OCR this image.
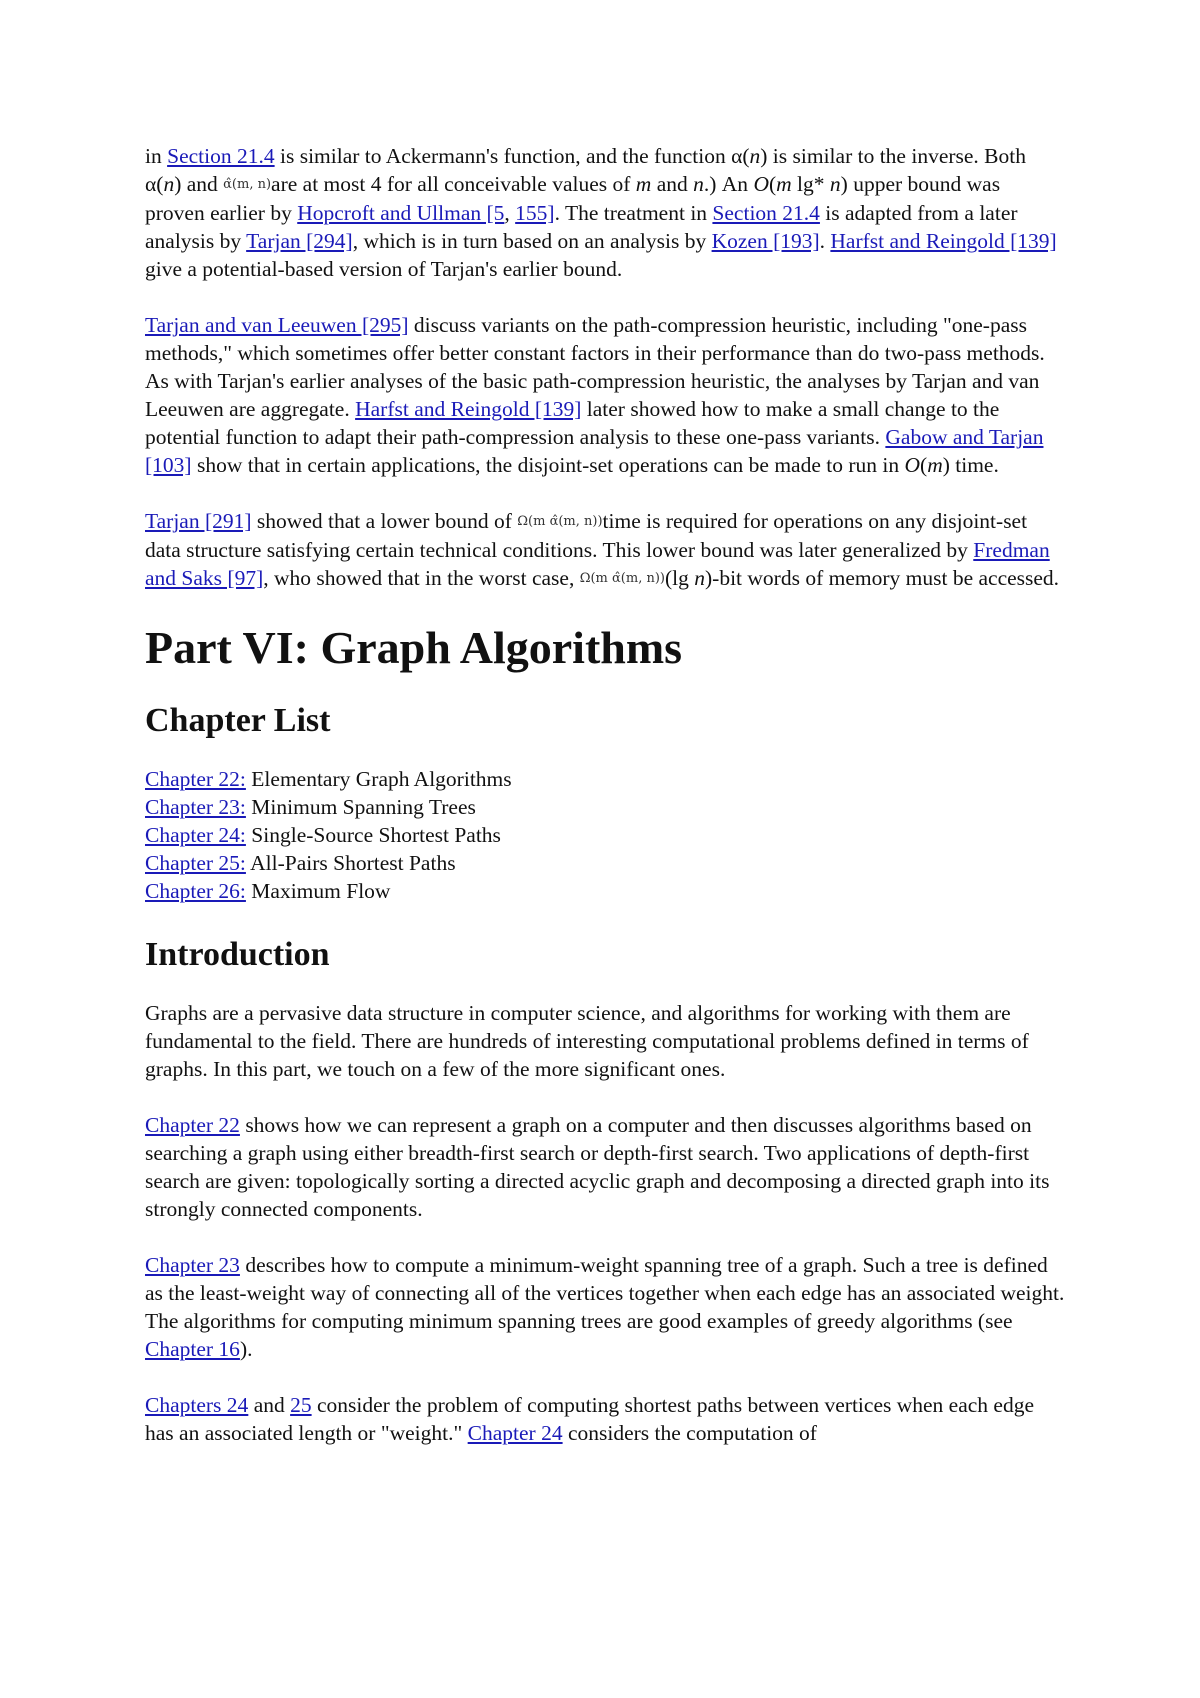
in Section 21.4 is similar to Ackermann's function, and the function α(n) is similar to the inverse. Both α(n) and α̂(m, n)are at most 4 for all conceivable values of m and n.) An O(m lg* n) upper bound was proven earlier by Hopcroft and Ullman [5, 155]. The treatment in Section 21.4 is adapted from a later analysis by Tarjan [294], which is in turn based on an analysis by Kozen [193]. Harfst and Reingold [139] give a potential-based version of Tarjan's earlier bound.

Tarjan and van Leeuwen [295] discuss variants on the path-compression heuristic, including "one-pass methods," which sometimes offer better constant factors in their performance than do two-pass methods. As with Tarjan's earlier analyses of the basic path-compression heuristic, the analyses by Tarjan and van Leeuwen are aggregate. Harfst and Reingold [139] later showed how to make a small change to the potential function to adapt their path-compression analysis to these one-pass variants. Gabow and Tarjan [103] show that in certain applications, the disjoint-set operations can be made to run in O(m) time.

Tarjan [291] showed that a lower bound of Ω(m α̂(m, n))time is required for operations on any disjoint-set data structure satisfying certain technical conditions. This lower bound was later generalized by Fredman and Saks [97], who showed that in the worst case, Ω(m α̂(m, n))(lg n)-bit words of memory must be accessed.

Part VI: Graph Algorithms
Chapter List
Chapter 22: Elementary Graph Algorithms
Chapter 23: Minimum Spanning Trees
Chapter 24: Single-Source Shortest Paths
Chapter 25: All-Pairs Shortest Paths
Chapter 26: Maximum Flow
Introduction

Graphs are a pervasive data structure in computer science, and algorithms for working with them are fundamental to the field. There are hundreds of interesting computational problems defined in terms of graphs. In this part, we touch on a few of the more significant ones.

Chapter 22 shows how we can represent a graph on a computer and then discusses algorithms based on searching a graph using either breadth-first search or depth-first search. Two applications of depth-first search are given: topologically sorting a directed acyclic graph and decomposing a directed graph into its strongly connected components.

Chapter 23 describes how to compute a minimum-weight spanning tree of a graph. Such a tree is defined as the least-weight way of connecting all of the vertices together when each edge has an associated weight. The algorithms for computing minimum spanning trees are good examples of greedy algorithms (see Chapter 16).

Chapters 24 and 25 consider the problem of computing shortest paths between vertices when each edge has an associated length or "weight." Chapter 24 considers the computation of
